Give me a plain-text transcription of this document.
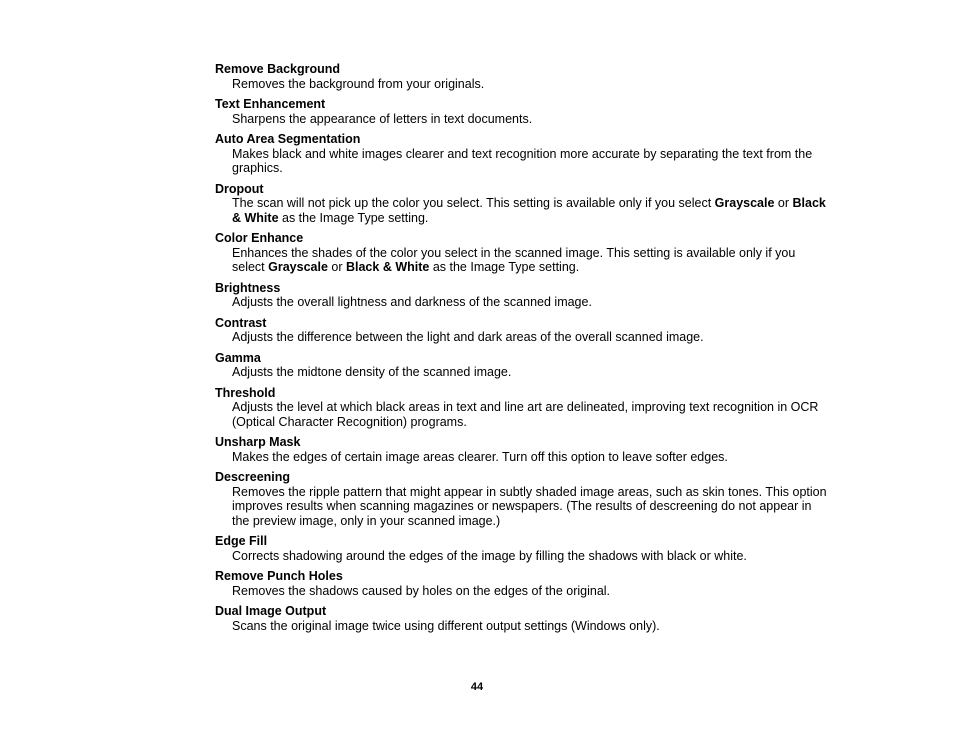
Remove Background
Removes the background from your originals.
Text Enhancement
Sharpens the appearance of letters in text documents.
Auto Area Segmentation
Makes black and white images clearer and text recognition more accurate by separating the text from the graphics.
Dropout
The scan will not pick up the color you select. This setting is available only if you select Grayscale or Black & White as the Image Type setting.
Color Enhance
Enhances the shades of the color you select in the scanned image. This setting is available only if you select Grayscale or Black & White as the Image Type setting.
Brightness
Adjusts the overall lightness and darkness of the scanned image.
Contrast
Adjusts the difference between the light and dark areas of the overall scanned image.
Gamma
Adjusts the midtone density of the scanned image.
Threshold
Adjusts the level at which black areas in text and line art are delineated, improving text recognition in OCR (Optical Character Recognition) programs.
Unsharp Mask
Makes the edges of certain image areas clearer. Turn off this option to leave softer edges.
Descreening
Removes the ripple pattern that might appear in subtly shaded image areas, such as skin tones. This option improves results when scanning magazines or newspapers. (The results of descreening do not appear in the preview image, only in your scanned image.)
Edge Fill
Corrects shadowing around the edges of the image by filling the shadows with black or white.
Remove Punch Holes
Removes the shadows caused by holes on the edges of the original.
Dual Image Output
Scans the original image twice using different output settings (Windows only).
44
